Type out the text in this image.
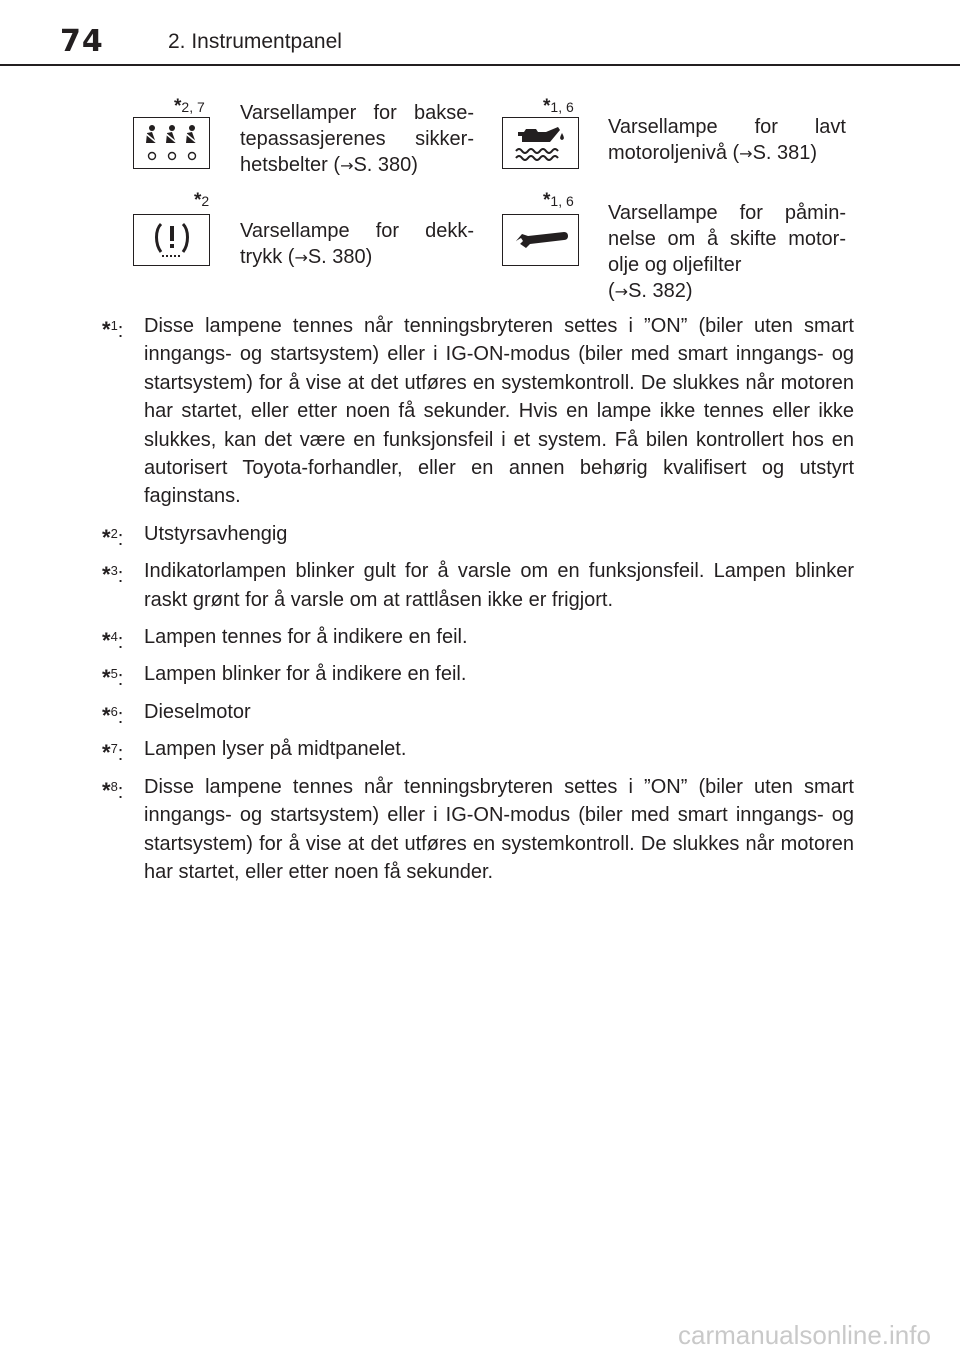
74	2. Instrumentpanel
*2, 7 Varsellamper for bakse-
tepassasjerenes sikker-
hetsbelter (→S. 380)
*1, 6
Varsellampe for lavt
motoroljenivå (→S. 381)
*2
Varsellampe for dekk-
trykk (→S. 380)
*1, 6
Varsellampe for påmin-
nelse om å skifte motor-
olje og oljefilter
(→S. 382)
*$^1$: Disse lampene tennes når tenningsbryteren settes i ”ON” (biler uten smart inngangs- og startsystem) eller i IG-ON-modus (biler med smart inngangs- og startsystem) for å vise at det utføres en systemkontroll. De slukkes når motoren har startet, eller etter noen få sekunder. Hvis en lampe ikke tennes eller ikke slukkes, kan det være en funksjonsfeil i et system. Få bilen kontrollert hos en autorisert Toyota-forhandler, eller en annen behørig kvalifisert og utstyrt faginstans.
*$^2$: Utstyrsavhengig
*$^3$: Indikatorlampen blinker gult for å varsle om en funksjonsfeil. Lampen blinker raskt grønt for å varsle om at rattlåsen ikke er frigjort.
*$^4$: Lampen tennes for å indikere en feil.
*$^5$: Lampen blinker for å indikere en feil.
*$^6$: Dieselmotor
*$^7$: Lampen lyser på midtpanelet.
*$^8$: Disse lampene tennes når tenningsbryteren settes i ”ON” (biler uten smart inngangs- og startsystem) eller i IG-ON-modus (biler med smart inngangs- og startsystem) for å vise at det utføres en systemkontroll. De slukkes når motoren har startet, eller etter noen få sekunder.
carmanualsonline.info
